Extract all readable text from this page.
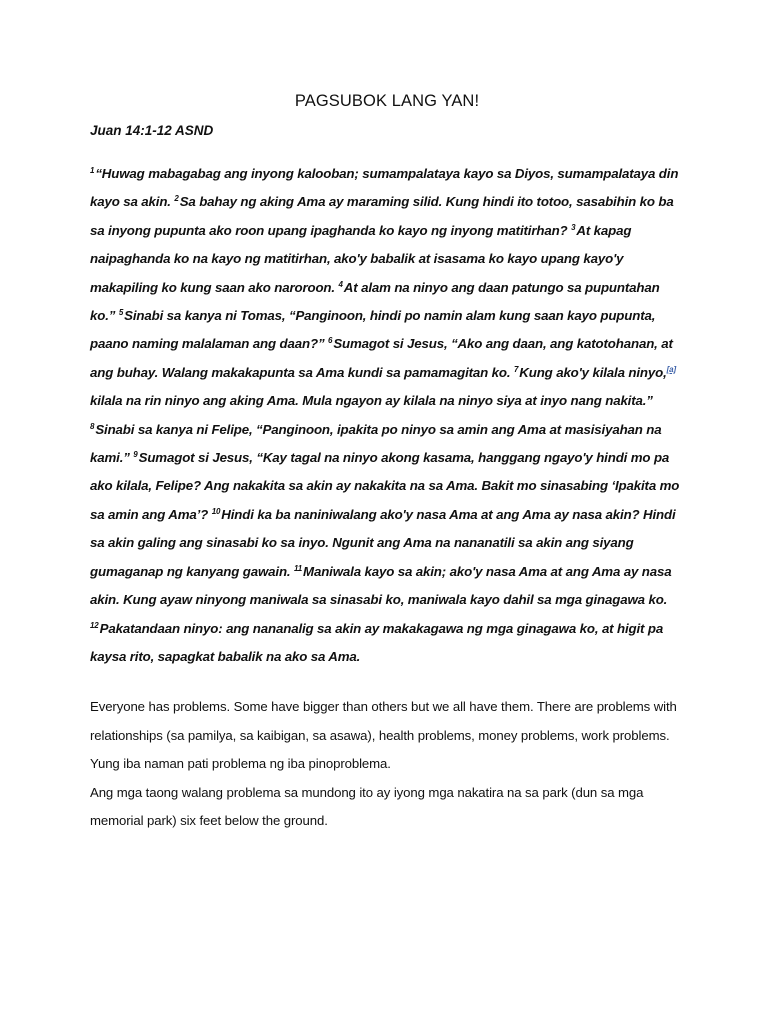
PAGSUBOK LANG YAN!

Juan 14:1-12 ASND

$^1$“Huwag mabagabag ang inyong kalooban; sumampalataya kayo sa Diyos, sumampalataya din kayo sa akin. $^2$Sa bahay ng aking Ama ay maraming silid. Kung hindi ito totoo, sasabihin ko ba sa inyong pupunta ako roon upang ipaghanda ko kayo ng inyong matitirhan? $^3$At kapag naipaghanda ko na kayo ng matitirhan, ako'y babalik at isasama ko kayo upang kayo'y makapiling ko kung saan ako naroroon. $^4$At alam na ninyo ang daan patungo sa pupuntahan ko.” $^5$Sinabi sa kanya ni Tomas, “Panginoon, hindi po namin alam kung saan kayo pupunta, paano naming malalaman ang daan?” $^6$Sumagot si Jesus, “Ako ang daan, ang katotohanan, at ang buhay. Walang makakapunta sa Ama kundi sa pamamagitan ko. $^7$Kung ako'y kilala ninyo,[a] kilala na rin ninyo ang aking Ama. Mula ngayon ay kilala na ninyo siya at inyo nang nakita.” $^8$Sinabi sa kanya ni Felipe, “Panginoon, ipakita po ninyo sa amin ang Ama at masisiyahan na kami.” $^9$Sumagot si Jesus, “Kay tagal na ninyo akong kasama, hanggang ngayo'y hindi mo pa ako kilala, Felipe? Ang nakakita sa akin ay nakakita na sa Ama. Bakit mo sinasabing ‘Ipakita mo sa amin ang Ama’? $^{10}$Hindi ka ba naniniwalang ako'y nasa Ama at ang Ama ay nasa akin? Hindi sa akin galing ang sinasabi ko sa inyo. Ngunit ang Ama na nananatili sa akin ang siyang gumaganap ng kanyang gawain. $^{11}$Maniwala kayo sa akin; ako'y nasa Ama at ang Ama ay nasa akin. Kung ayaw ninyong maniwala sa sinasabi ko, maniwala kayo dahil sa mga ginagawa ko. $^{12}$Pakatandaan ninyo: ang nananalig sa akin ay makakagawa ng mga ginagawa ko, at higit pa kaysa rito, sapagkat babalik na ako sa Ama.

Everyone has problems. Some have bigger than others but we all have them. There are problems with relationships (sa pamilya, sa kaibigan, sa asawa), health problems, money problems, work problems. Yung iba naman pati problema ng iba pinoproblema.

Ang mga taong walang problema sa mundong ito ay iyong mga nakatira na sa park (dun sa mga memorial park) six feet below the ground.
